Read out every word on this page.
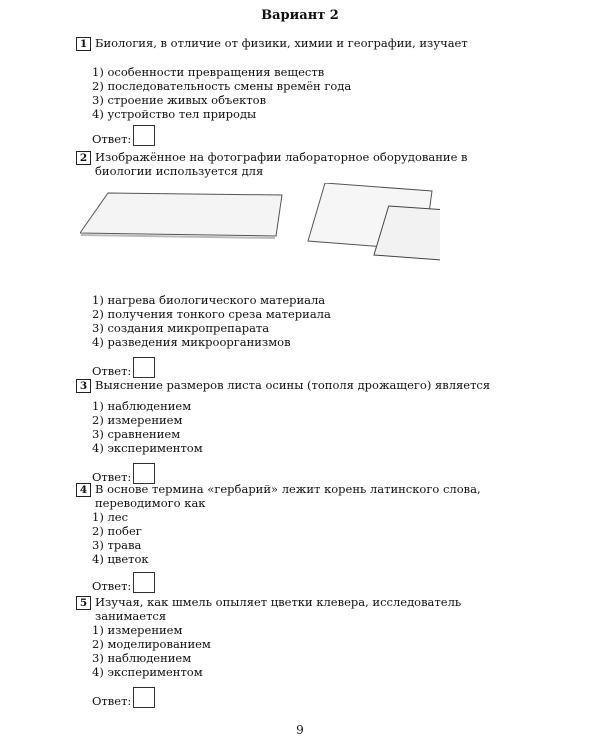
Вариант 2
1 Биология, в отличие от физики, химии и географии, изучает
1) особенности превращения веществ
2) последовательность смены времён года
3) строение живых объектов
4) устройство тел природы
Ответ:
2 Изображённое на фотографии лабораторное оборудование в биологии используется для
1) нагрева биологического материала
2) получения тонкого среза материала
3) создания микропрепарата
4) разведения микроорганизмов
Ответ:
3 Выяснение размеров листа осины (тополя дрожащего) является
1) наблюдением
2) измерением
3) сравнением
4) экспериментом
Ответ:
4 В основе термина «гербарий» лежит корень латинского слова, переводимого как
1) лес
2) побег
3) трава
4) цветок
Ответ:
5 Изучая, как шмель опыляет цветки клевера, исследователь занимается
1) измерением
2) моделированием
3) наблюдением
4) экспериментом
Ответ:
9
